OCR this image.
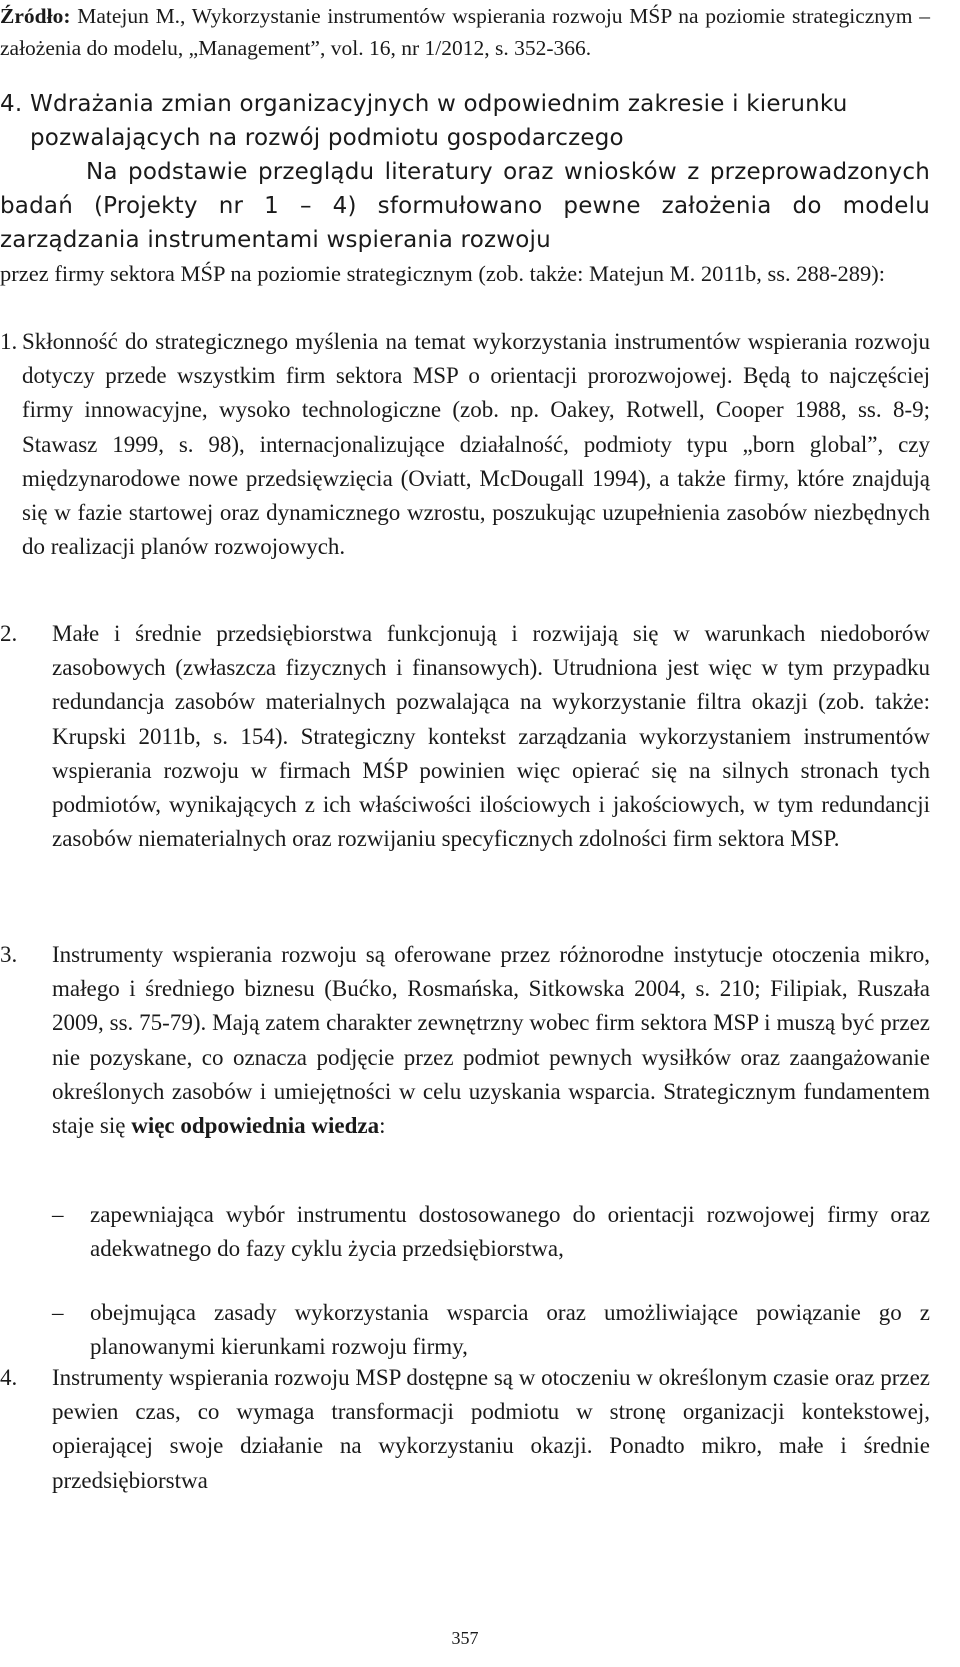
Źródło: Matejun M., Wykorzystanie instrumentów wspierania rozwoju MŚP na poziomie strategicznym – założenia do modelu, „Management”, vol. 16, nr 1/2012, s. 352-366.
4. Wdrażania zmian organizacyjnych w odpowiednim zakresie i kierunku pozwalających na rozwój podmiotu gospodarczego
Na podstawie przeglądu literatury oraz wniosków z przeprowadzonych badań (Projekty nr 1 – 4) sformułowano pewne założenia do modelu zarządzania instrumentami wspierania rozwoju
przez firmy sektora MŚP na poziomie strategicznym (zob. także: Matejun M. 2011b, ss. 288-289):
1. Skłonność do strategicznego myślenia na temat wykorzystania instrumentów wspierania rozwoju dotyczy przede wszystkim firm sektora MSP o orientacji prorozwojowej. Będą to najczęściej firmy innowacyjne, wysoko technologiczne (zob. np. Oakey, Rotwell, Cooper 1988, ss. 8-9; Stawasz 1999, s. 98), internacjonalizujące działalność, podmioty typu „born global”, czy międzynarodowe nowe przedsięwzięcia (Oviatt, McDougall 1994), a także firmy, które znajdują się w fazie startowej oraz dynamicznego wzrostu, poszukując uzupełnienia zasobów niezbędnych do realizacji planów rozwojowych.
2. Małe i średnie przedsiębiorstwa funkcjonują i rozwijają się w warunkach niedoborów zasobowych (zwłaszcza fizycznych i finansowych). Utrudniona jest więc w tym przypadku redundancja zasobów materialnych pozwalająca na wykorzystanie filtra okazji (zob. także: Krupski 2011b, s. 154). Strategiczny kontekst zarządzania wykorzystaniem instrumentów wspierania rozwoju w firmach MŚP powinien więc opierać się na silnych stronach tych podmiotów, wynikających z ich właściwości ilościowych i jakościowych, w tym redundancji zasobów niematerialnych oraz rozwijaniu specyficznych zdolności firm sektora MSP.
3. Instrumenty wspierania rozwoju są oferowane przez różnorodne instytucje otoczenia mikro, małego i średniego biznesu (Bućko, Rosmańska, Sitkowska 2004, s. 210; Filipiak, Ruszała 2009, ss. 75-79). Mają zatem charakter zewnętrzny wobec firm sektora MSP i muszą być przez nie pozyskane, co oznacza podjęcie przez podmiot pewnych wysiłków oraz zaangażowanie określonych zasobów i umiejętności w celu uzyskania wsparcia. Strategicznym fundamentem staje się więc odpowiednia wiedza:
– zapewniająca wybór instrumentu dostosowanego do orientacji rozwojowej firmy oraz adekwatnego do fazy cyklu życia przedsiębiorstwa,
– obejmująca zasady wykorzystania wsparcia oraz umożliwiające powiązanie go z planowanymi kierunkami rozwoju firmy,
4. Instrumenty wspierania rozwoju MSP dostępne są w otoczeniu w określonym czasie oraz przez pewien czas, co wymaga transformacji podmiotu w stronę organizacji kontekstowej, opierającej swoje działanie na wykorzystaniu okazji. Ponadto mikro, małe i średnie przedsiębiorstwa
357
